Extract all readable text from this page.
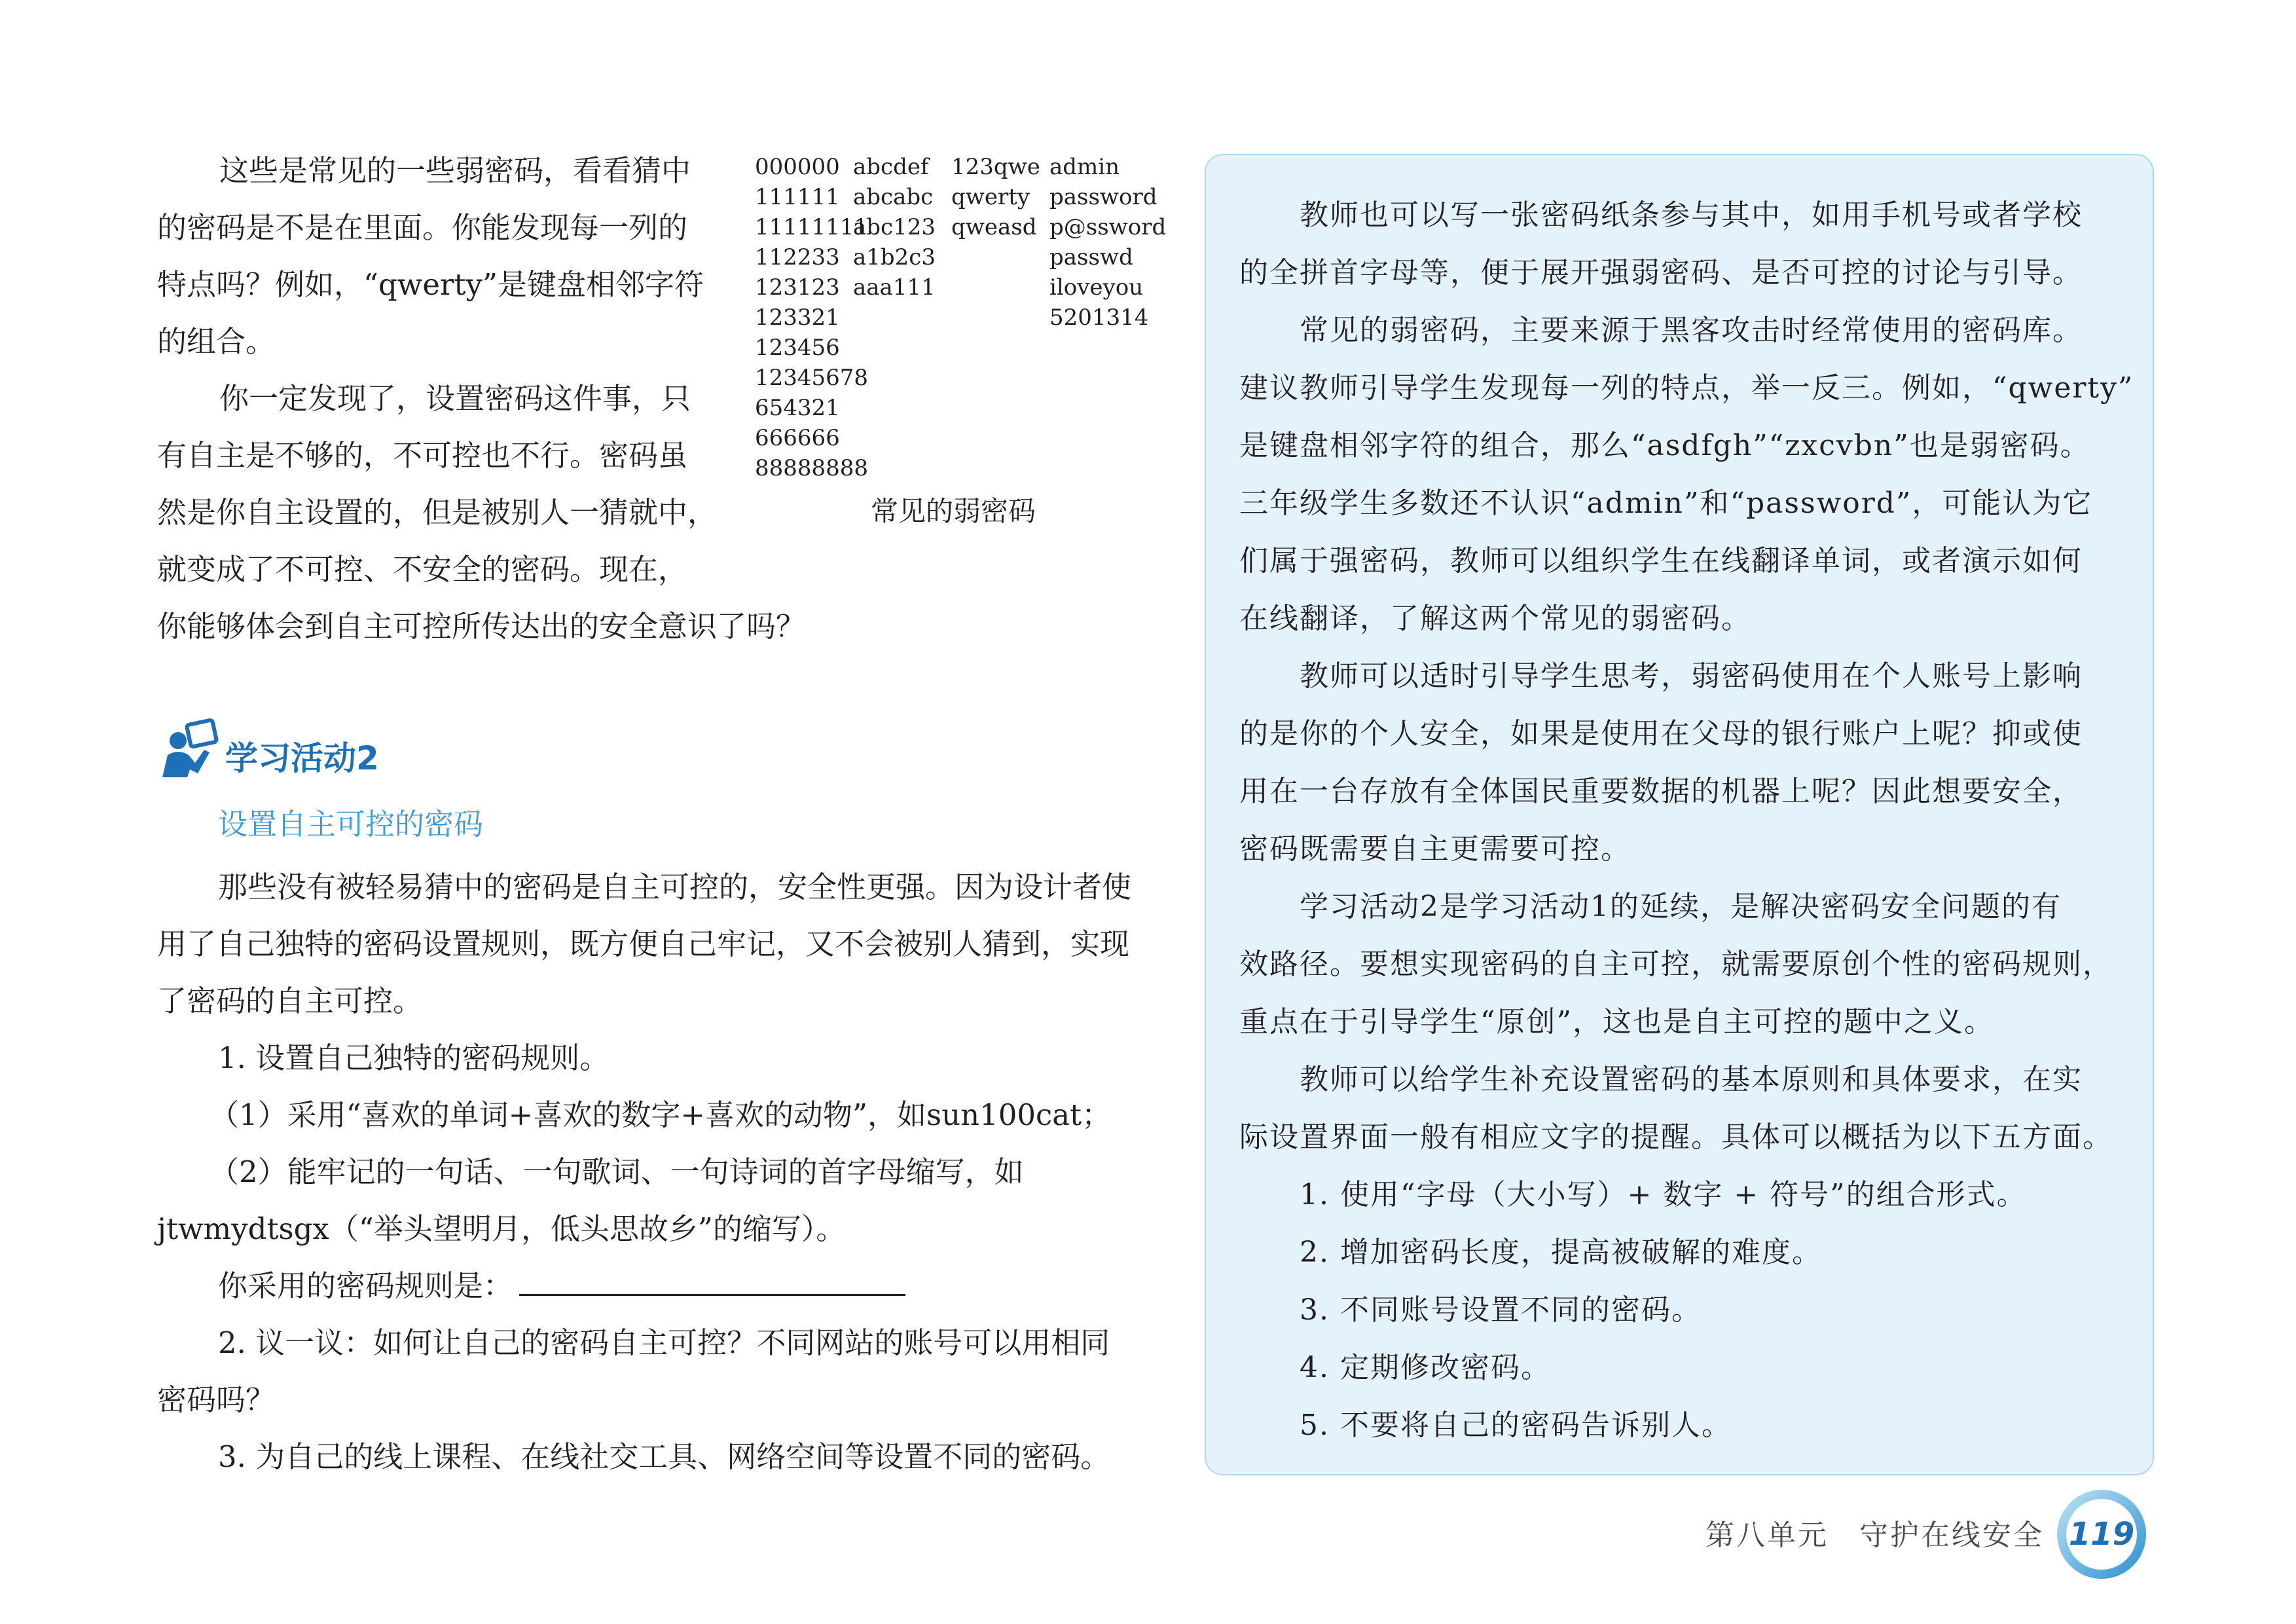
这些是常见的一些弱密码，看看猜中
的密码是不是在里面。你能发现每一列的
特点吗？例如，“qwerty”是键盘相邻字符
的组合。
你一定发现了，设置密码这件事，只
有自主是不够的，不可控也不行。密码虽
然是你自主设置的，但是被别人一猜就中，
就变成了不可控、不安全的密码。现在，
你能够体会到自主可控所传达出的安全意识了吗？
000000
111111
11111111
112233
123123
123321
123456
12345678
654321
666666
88888888
abcdef
abcabc
abc123
a1b2c3
aaa111
123qwe
qwerty
qweasd
admin
password
p@ssword
passwd
iloveyou
5201314
常见的弱密码
学习活动2
设置自主可控的密码
那些没有被轻易猜中的密码是自主可控的，安全性更强。因为设计者使
用了自己独特的密码设置规则，既方便自己牢记，又不会被别人猜到，实现
了密码的自主可控。
1. 设置自己独特的密码规则。
（1）采用“喜欢的单词+喜欢的数字+喜欢的动物”，如sun100cat；
（2）能牢记的一句话、一句歌词、一句诗词的首字母缩写，如
jtwmydtsgx（“举头望明月，低头思故乡”的缩写）。
你采用的密码规则是：
2. 议一议：如何让自己的密码自主可控？不同网站的账号可以用相同
密码吗？
3. 为自己的线上课程、在线社交工具、网络空间等设置不同的密码。
教师也可以写一张密码纸条参与其中，如用手机号或者学校
的全拼首字母等，便于展开强弱密码、是否可控的讨论与引导。
常见的弱密码，主要来源于黑客攻击时经常使用的密码库。
建议教师引导学生发现每一列的特点，举一反三。例如，“qwerty”
是键盘相邻字符的组合，那么“asdfgh”“zxcvbn”也是弱密码。
三年级学生多数还不认识“admin”和“password”，可能认为它
们属于强密码，教师可以组织学生在线翻译单词，或者演示如何
在线翻译，了解这两个常见的弱密码。
教师可以适时引导学生思考，弱密码使用在个人账号上影响
的是你的个人安全，如果是使用在父母的银行账户上呢？抑或使
用在一台存放有全体国民重要数据的机器上呢？因此想要安全，
密码既需要自主更需要可控。
学习活动2是学习活动1的延续，是解决密码安全问题的有
效路径。要想实现密码的自主可控，就需要原创个性的密码规则，
重点在于引导学生“原创”，这也是自主可控的题中之义。
教师可以给学生补充设置密码的基本原则和具体要求，在实
际设置界面一般有相应文字的提醒。具体可以概括为以下五方面。
1. 使用“字母（大小写）+ 数字 + 符号”的组合形式。
2. 增加密码长度，提高被破解的难度。
3. 不同账号设置不同的密码。
4. 定期修改密码。
5. 不要将自己的密码告诉别人。
第八单元　守护在线安全 119
